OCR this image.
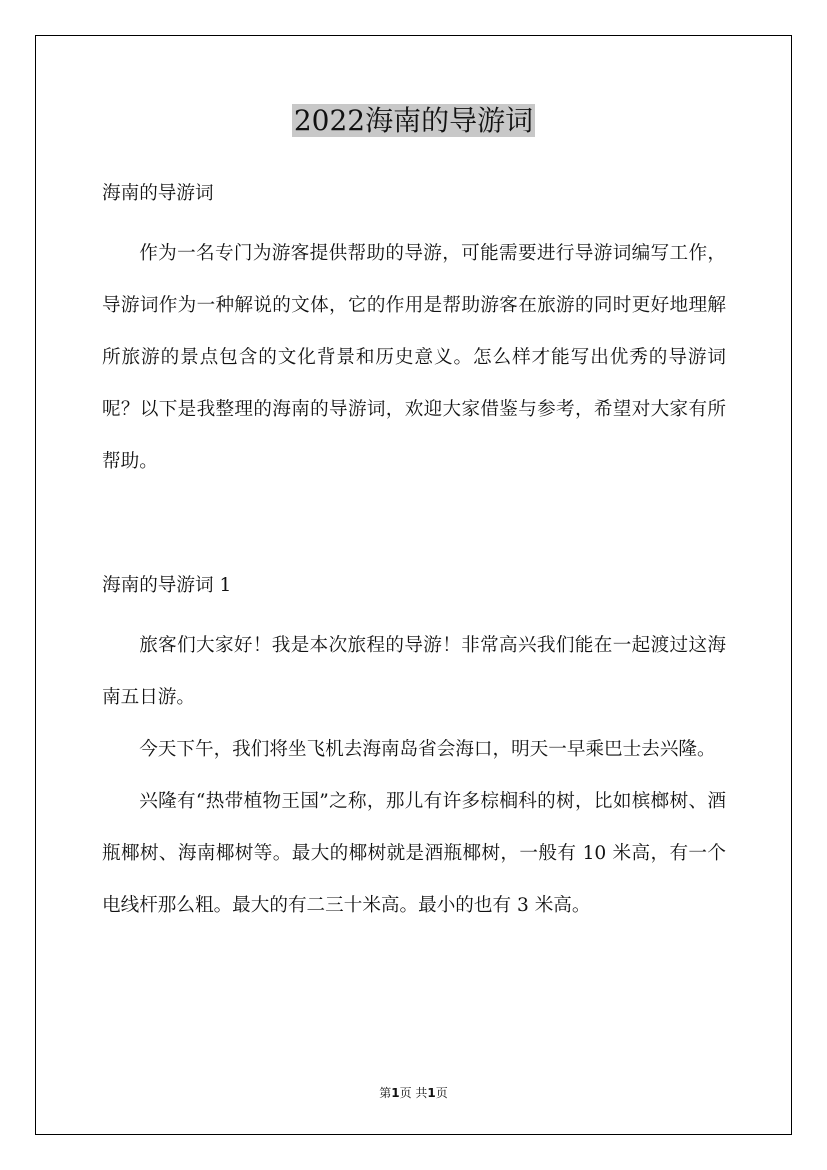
2022海南的导游词

海南的导游词

作为一名专门为游客提供帮助的导游，可能需要进行导游词编写工作，导游词作为一种解说的文体，它的作用是帮助游客在旅游的同时更好地理解所旅游的景点包含的文化背景和历史意义。怎么样才能写出优秀的导游词呢？以下是我整理的海南的导游词，欢迎大家借鉴与参考，希望对大家有所帮助。

海南的导游词 1

旅客们大家好！我是本次旅程的导游！非常高兴我们能在一起渡过这海南五日游。

今天下午，我们将坐飞机去海南岛省会海口，明天一早乘巴士去兴隆。

兴隆有“热带植物王国”之称，那儿有许多棕榈科的树，比如槟榔树、酒瓶椰树、海南椰树等。最大的椰树就是酒瓶椰树，一般有 10 米高，有一个电线杆那么粗。最大的有二三十米高。最小的也有 3 米高。

第1页 共1页
